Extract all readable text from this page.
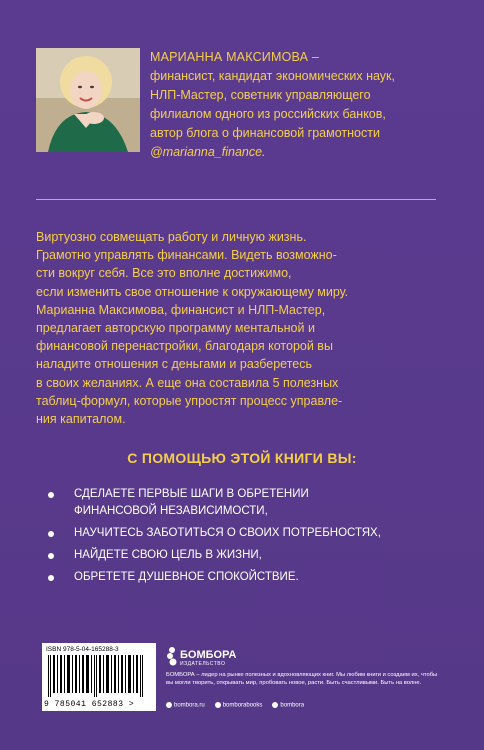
МАРИАННА МАКСИМОВА –
финансист, кандидат экономических наук,
НЛП-Мастер, советник управляющего
филиалом одного из российских банков,
автор блога о финансовой грамотности
@marianna_finance.
Виртуозно совмещать работу и личную жизнь.
Грамотно управлять финансами. Видеть возможно-
сти вокруг себя. Все это вполне достижимо,
если изменить свое отношение к окружающему миру.
Марианна Максимова, финансист и НЛП-Мастер,
предлагает авторскую программу ментальной и
финансовой перенастройки, благодаря которой вы
наладите отношения с деньгами и разберетесь
в своих желаниях. А еще она составила 5 полезных
таблиц-формул, которые упростят процесс управле-
ния капиталом.
С ПОМОЩЬЮ ЭТОЙ КНИГИ ВЫ:
СДЕЛАЕТЕ ПЕРВЫЕ ШАГИ В ОБРЕТЕНИИ
ФИНАНСОВОЙ НЕЗАВИСИМОСТИ,
НАУЧИТЕСЬ ЗАБОТИТЬСЯ О СВОИХ ПОТРЕБНОСТЯХ,
НАЙДЕТЕ СВОЮ ЦЕЛЬ В ЖИЗНИ,
ОБРЕТЕТЕ ДУШЕВНОЕ СПОКОЙСТВИЕ.
ISBN 978-5-04-165288-3
9 785041 652883 >
БОМБОРА
ИЗДАТЕЛЬСТВО
БОМБОРА – лидер на рынке полезных и вдохновляющих книг. Мы любим книги и создаем их, чтобы вы могли творить, открывать мир, пробовать новое, расти. Быть счастливыми. Быть на волне.
bombora.ru	bomborabooks	bombora
